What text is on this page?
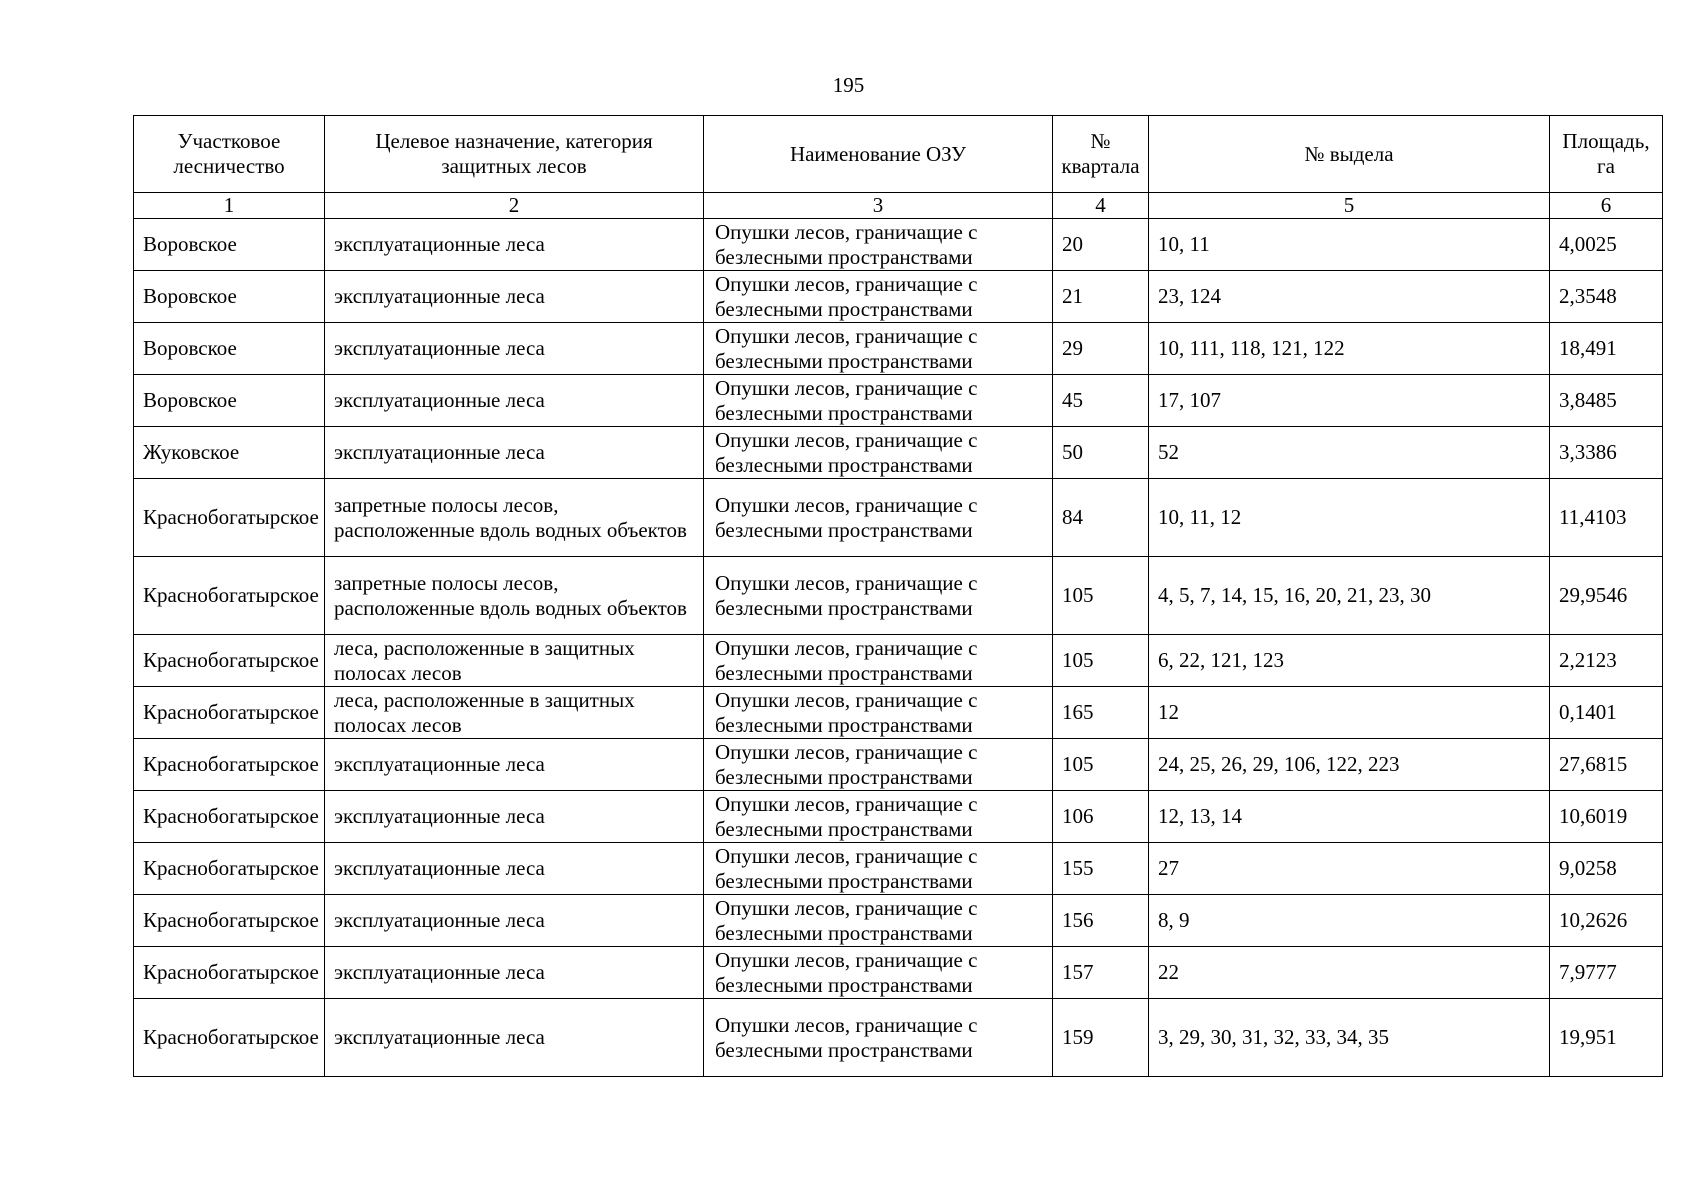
195
Участковое лесничество	Целевое назначение, категория защитных лесов	Наименование ОЗУ	№ квартала	№ выдела	Площадь, га
1	2	3	4	5	6
Воровское	эксплуатационные леса	Опушки лесов, граничащие с безлесными пространствами	20	10, 11	4,0025
Воровское	эксплуатационные леса	Опушки лесов, граничащие с безлесными пространствами	21	23, 124	2,3548
Воровское	эксплуатационные леса	Опушки лесов, граничащие с безлесными пространствами	29	10, 111, 118, 121, 122	18,491
Воровское	эксплуатационные леса	Опушки лесов, граничащие с безлесными пространствами	45	17, 107	3,8485
Жуковское	эксплуатационные леса	Опушки лесов, граничащие с безлесными пространствами	50	52	3,3386
Краснобогатырское	запретные полосы лесов, расположенные вдоль водных объектов	Опушки лесов, граничащие с безлесными пространствами	84	10, 11, 12	11,4103
Краснобогатырское	запретные полосы лесов, расположенные вдоль водных объектов	Опушки лесов, граничащие с безлесными пространствами	105	4, 5, 7, 14, 15, 16, 20, 21, 23, 30	29,9546
Краснобогатырское	леса, расположенные в защитных полосах лесов	Опушки лесов, граничащие с безлесными пространствами	105	6, 22, 121, 123	2,2123
Краснобогатырское	леса, расположенные в защитных полосах лесов	Опушки лесов, граничащие с безлесными пространствами	165	12	0,1401
Краснобогатырское	эксплуатационные леса	Опушки лесов, граничащие с безлесными пространствами	105	24, 25, 26, 29, 106, 122, 223	27,6815
Краснобогатырское	эксплуатационные леса	Опушки лесов, граничащие с безлесными пространствами	106	12, 13, 14	10,6019
Краснобогатырское	эксплуатационные леса	Опушки лесов, граничащие с безлесными пространствами	155	27	9,0258
Краснобогатырское	эксплуатационные леса	Опушки лесов, граничащие с безлесными пространствами	156	8, 9	10,2626
Краснобогатырское	эксплуатационные леса	Опушки лесов, граничащие с безлесными пространствами	157	22	7,9777
Краснобогатырское	эксплуатационные леса	Опушки лесов, граничащие с безлесными пространствами	159	3, 29, 30, 31, 32, 33, 34, 35	19,951
